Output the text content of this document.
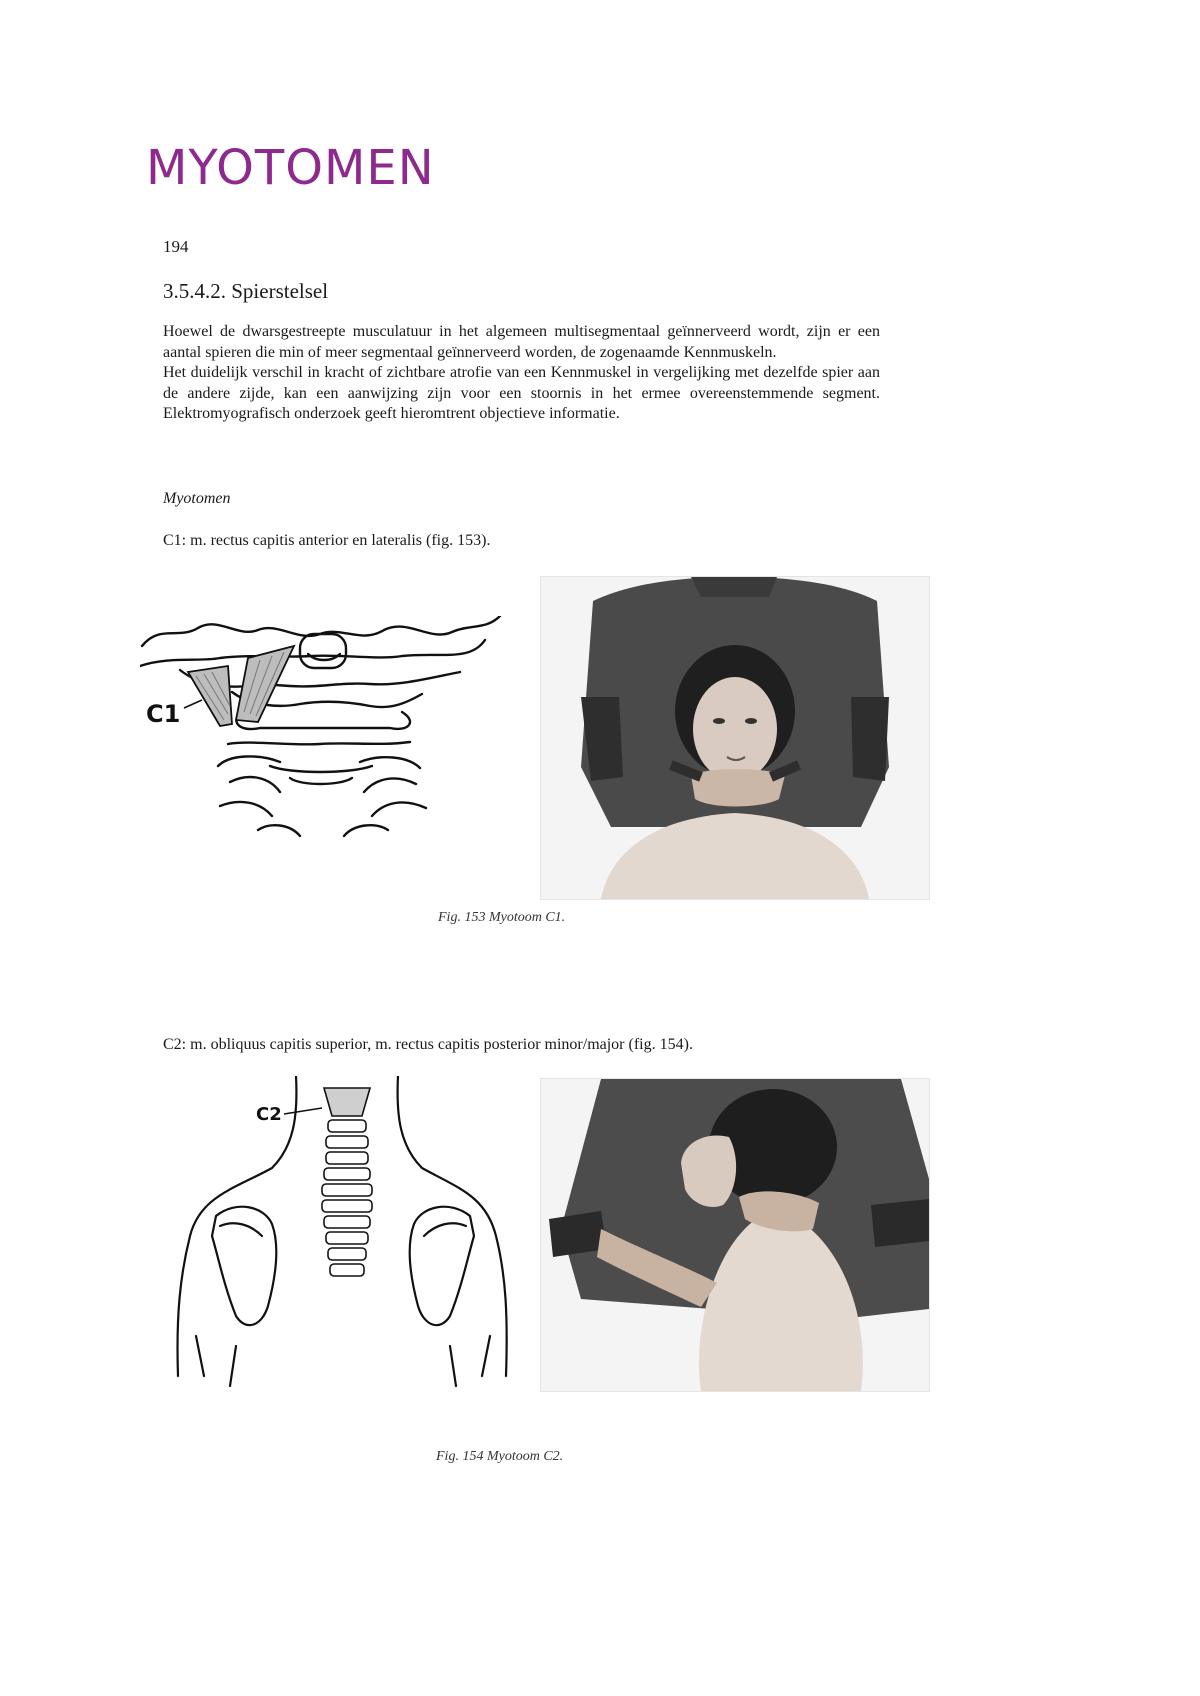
MYOTOMEN
194
3.5.4.2. Spierstelsel

Hoewel de dwarsgestreepte musculatuur in het algemeen multisegmentaal geïnnerveerd wordt, zijn er een aantal spieren die min of meer segmentaal geïnnerveerd worden, de zogenaamde Kennmuskeln.

Het duidelijk verschil in kracht of zichtbare atrofie van een Kennmuskel in vergelijking met dezelfde spier aan de andere zijde, kan een aanwijzing zijn voor een stoornis in het ermee overeenstemmende segment. Elektromyografisch onderzoek geeft hieromtrent objectieve informatie.

Myotomen
C1: m. rectus capitis anterior en lateralis (fig. 153).
C1
Fig. 153 Myotoom C1.
C2: m. obliquus capitis superior, m. rectus capitis posterior minor/major (fig. 154).
C2
Fig. 154 Myotoom C2.
